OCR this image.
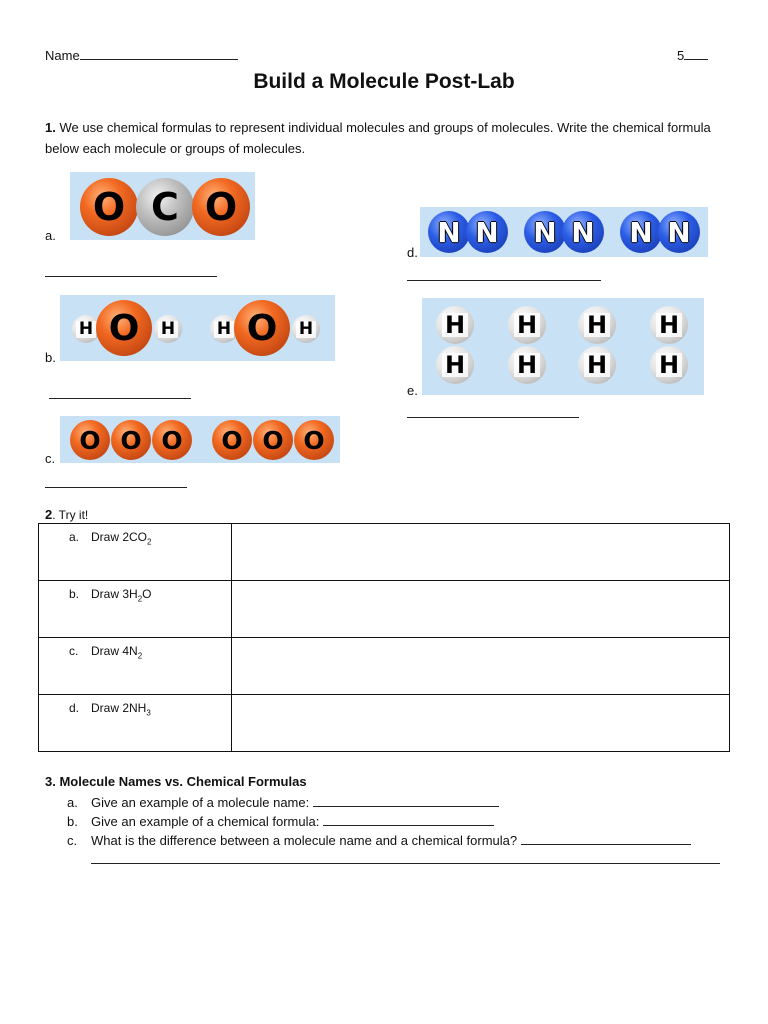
Name	5
Build a Molecule Post-Lab
1. We use chemical formulas to represent individual molecules and groups of molecules. Write the chemical formula below each molecule or groups of molecules.
a.
O C O
b.
H O	H H O	H
c.
O O O	O O O
d.
N N	N N	N N
e.
H
H
H
H
H
H
H
H
2. Try it!
a. Draw $2CO_2$

b. Draw $3H_2O$	

c. Draw $4N_2$

d. Draw $2NH_3$

3. Molecule Names vs. Chemical Formulas
a. Give an example of a molecule name:
b. Give an example of a chemical formula:
c. What is the difference between a molecule name and a chemical formula?
